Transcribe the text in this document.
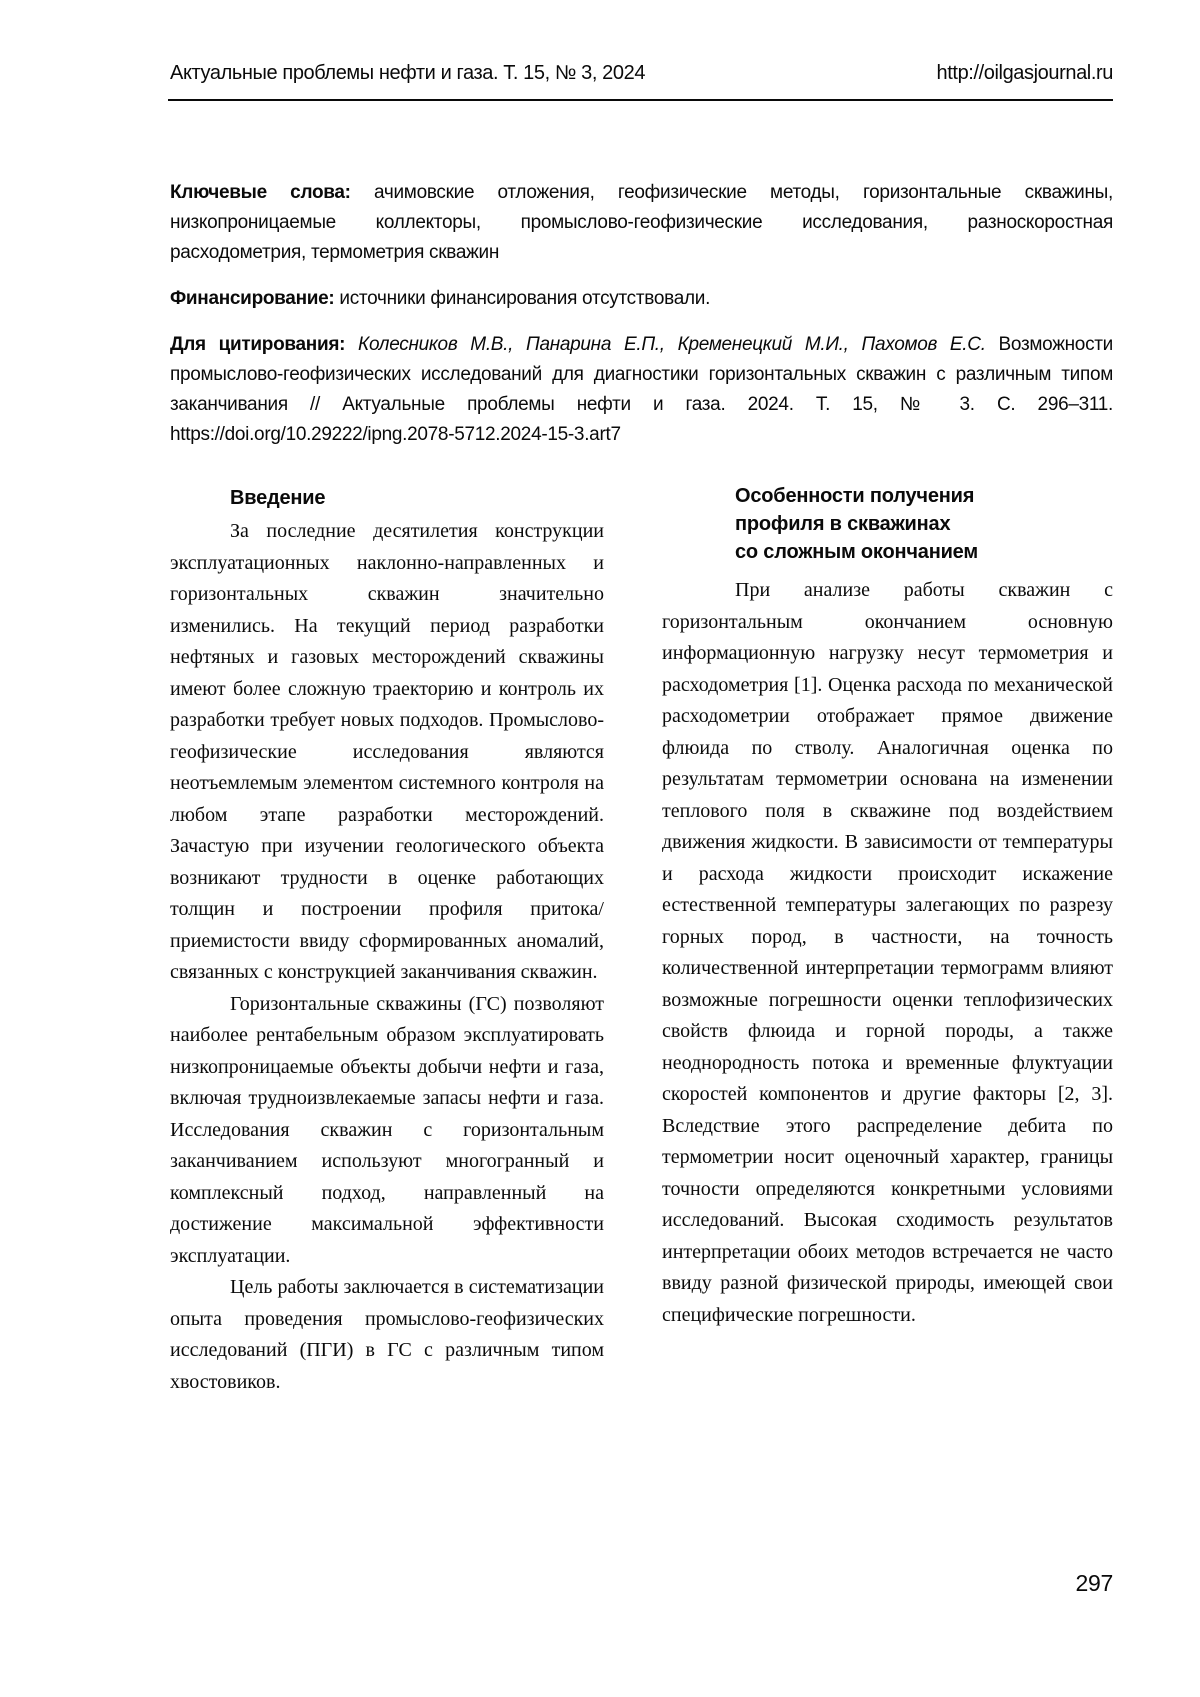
Актуальные проблемы нефти и газа. Т. 15, № 3, 2024	http://oilgasjournal.ru

Ключевые слова: ачимовские отложения, геофизические методы, горизонтальные скважины, низкопроницаемые коллекторы, промыслово-геофизические исследования, разноскоростная расходометрия, термометрия скважин

Финансирование: источники финансирования отсутствовали.

Для цитирования: Колесников М.В., Панарина Е.П., Кременецкий М.И., Пахомов Е.С. Возможности промыслово-геофизических исследований для диагностики горизонтальных скважин с различным типом заканчивания // Актуальные проблемы нефти и газа. 2024. Т. 15, № 3. С. 296–311. https://doi.org/10.29222/ipng.2078-5712.2024-15-3.art7

Введение

За последние десятилетия конструкции эксплуатационных наклонно-направленных и горизонтальных скважин значительно изменились. На текущий период разработки нефтяных и газовых месторождений скважины имеют более сложную траекторию и контроль их разработки требует новых подходов. Промыслово-геофизические исследования являются неотъемлемым элементом системного контроля на любом этапе разработки месторождений. Зачастую при изучении геологического объекта возникают трудности в оценке работающих толщин и построении профиля притока/приемистости ввиду сформированных аномалий, связанных с конструкцией заканчивания скважин.

Горизонтальные скважины (ГС) позволяют наиболее рентабельным образом эксплуатировать низкопроницаемые объекты добычи нефти и газа, включая трудноизвлекаемые запасы нефти и газа. Исследования скважин с горизонтальным заканчиванием используют многогранный и комплексный подход, направленный на достижение максимальной эффективности эксплуатации.

Цель работы заключается в систематизации опыта проведения промыслово-геофизических исследований (ПГИ) в ГС с различным типом хвостовиков.

Особенности получения
профиля в скважинах
со сложным окончанием

При анализе работы скважин с горизонтальным окончанием основную информационную нагрузку несут термометрия и расходометрия [1]. Оценка расхода по механической расходометрии отображает прямое движение флюида по стволу. Аналогичная оценка по результатам термометрии основана на изменении теплового поля в скважине под воздействием движения жидкости. В зависимости от температуры и расхода жидкости происходит искажение естественной температуры залегающих по разрезу горных пород, в частности, на точность количественной интерпретации термограмм влияют возможные погрешности оценки теплофизических свойств флюида и горной породы, а также неоднородность потока и временные флуктуации скоростей компонентов и другие факторы [2, 3]. Вследствие этого распределение дебита по термометрии носит оценочный характер, границы точности определяются конкретными условиями исследований. Высокая сходимость результатов интерпретации обоих методов встречается не часто ввиду разной физической природы, имеющей свои специфические погрешности.

297
